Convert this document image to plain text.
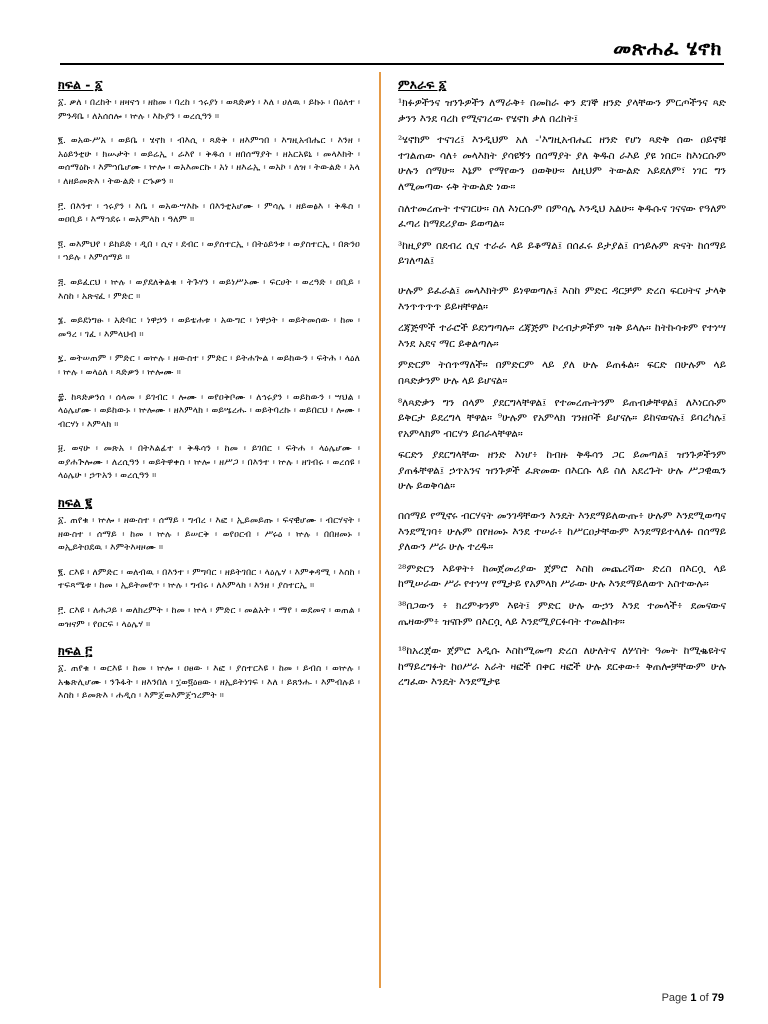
መጽሐፈ ሄኖክ
ክፍል - ፩
፩. ቃለ ፡ በረከት ፡ ዘዛናኅ ፡ ዘከመ ፡ ባረከ ፡ ኅሩያነ ፡ ወጻድቃነ ፡ እለ ፡ ሀለዉ ፡ ይኩኑ ፡ በዕለተ ፡ ምንዳቤ ፡ ለአሰስሎ ፡ ኵሉ ፡ እኩያን ፡ ወረሲዓን ።
፪. ወአውሥአ ፡ ወይቤ ፡ ሄኖክ ፡ ብእሲ ፡ ጻድቅ ፡ ዘእምኀበ ፡ እግዚአብሔር ፡ እንዘ ፡ አዕይንቲሁ ፡ ክሡታት ፡ ወይሬኢ ፡ ራእየ ፡ ቅዱሰ ፡ ዘበሰማያት ፡ ዘአርአዩኒ ፡ መላእክት ፡ ወሰማዕኩ ፡ እምኀቤሆሙ ፡ ኵሎ ፡ ወአእመርኩ ፡ አነ ፡ ዘእሬኢ ፡ ወአኮ ፡ ለዝ ፡ ትውልድ ፡ አላ ፡ ለዘይመጽእ ፡ ትውልድ ፡ ርኁቃን ።
፫. በእንተ ፡ ኅሩያን ፡ እቤ ፡ ወአውሣእኩ ፡ በእንቲአሆሙ ፡ ምሳሌ ፡ ዘይወፅእ ፡ ቅዱስ ፡ ወዐቢይ ፡ እማኅደሩ ፡ ወአምላከ ፡ ዓለም ።
፬. ወእምህየ ፡ ይከይድ ፡ ዲበ ፡ ሲና ፡ ደብር ፡ ወያስተርኢ ፡ በትዕይንቱ ፡ ወያስተርኢ ፡ በጽንዐ ፡ ኀይሉ ፡ እምሰማይ ።
፭. ወይፈርህ ፡ ኵሉ ፡ ወያደለቅልቁ ፡ ትጉሃን ፡ ወይነሥኦሙ ፡ ፍርሀት ፡ ወረዓድ ፡ ዐቢይ ፡ እስከ ፡ አጽናፈ ፡ ምድር ።
፮. ወይደነግፁ ፡ አድባር ፡ ነዋኃን ፡ ወይቴሐቱ ፡ አውግር ፡ ነዋኃት ፡ ወይትመሰው ፡ ከመ ፡ መዓረ ፡ ገፈ ፡ እምላህብ ።
፯. ወትሠጠም ፡ ምድር ፡ ወኵሉ ፡ ዘውስተ ፡ ምድር ፡ ይትሐጐል ፡ ወይከውን ፡ ፍትሕ ፡ ላዕለ ፡ ኵሉ ፡ ወላዕለ ፡ ጻድቃን ፡ ኵሎሙ ።
፰. ከጻድቃንሰ ፡ ሰላመ ፡ ይገብር ፡ ሎሙ ፡ ወየዐቅቦሙ ፡ ለኅሩያን ፡ ወይከውን ፡ ሣህል ፡ ላዕሌሆሙ ፡ ወይከውኑ ፡ ኵሎሙ ፡ ዘእምላክ ፡ ወይሤረሑ ፡ ወይትባረኩ ፡ ወይበርህ ፡ ሎሙ ፡ ብርሃነ ፡ እምላክ ።
፱. ወናሁ ፡ መጽአ ፡ በትእልፊተ ፡ ቅዱሳን ፡ ከመ ፡ ይገበር ፡ ፍትሐ ፡ ላዕሌሆሙ ፡ ወያሐጕሎሙ ፡ ለረሲዓን ፡ ወይትዋቀስ ፡ ኵሎ ፡ ዘሥጋ ፡ በእንተ ፡ ኵሉ ፡ ዘገብሩ ፡ ወረሰዩ ፡ ላዕሌሁ ፡ ኃጥአን ፡ ወረሲዓን ።
ክፍል ፪
፩. ጠየቁ ፡ ኵሎ ፡ ዘውስተ ፡ ሰማይ ፡ ግብረ ፡ እፎ ፡ ኢይመይጡ ፡ ፍናዊሆሙ ፡ ብርሃናት ፡ ዘውስተ ፡ ሰማይ ፡ ከመ ፡ ኵሉ ፡ ይሠርቅ ፡ ወየዐርብ ፡ ሥሩዕ ፡ ኵሉ ፡ በበዘመኑ ፡ ወኢይትዐደዉ ፡ እምትእዛዞሙ ።
፪. ርእዩ ፡ ለምድር ፡ ወለብዉ ፡ በእንተ ፡ ምግባር ፡ ዘይትገበር ፡ ላዕሌሃ ፡ እምቀዳሚ ፡ እስከ ፡ ተፍጻሜቱ ፡ ከመ ፡ ኢይትመየጥ ፡ ኵሉ ፡ ግብሩ ፡ ለእምላክ ፡ እንዘ ፡ ያስተርኢ ።
፫. ርእዩ ፡ ለሐጋይ ፡ ወለክረምት ፡ ከመ ፡ ኵላ ፡ ምድር ፡ መልአት ፡ ማየ ፡ ወደመና ፡ ወጠል ፡ ወዝናም ፡ የዐርፍ ፡ ላዕሌሃ ።
ክፍል ፫
፩. ጠየቁ ፡ ወርእዩ ፡ ከመ ፡ ኵሎ ፡ ዐፀው ፡ እፎ ፡ ያስተርእዩ ፡ ከመ ፡ ይብስ ፡ ወኵሉ ፡ አቈጽሊሆሙ ፡ ንጉፋት ፡ ዘእንበለ ፡ ፲ወ፬ዕፀው ፡ ዘኢይትነገፍ ፡ እለ ፡ ይጸንሑ ፡ እምብሉይ ፡ እስከ ፡ ይመጽእ ፡ ሐዲስ ፡ እምጀወእምጀኀረምት ።
ምእራፍ ፩
¹ክፉዎችንና ዝንጉዎችን ለማራቅ፥ በመከራ ቀን ደገኞ ዘንድ ያላቸውን ምርጦችንና ጻድ ቃንን እንደ ባረከ የሚናገረው የሄኖክ ቃለ በረከት፤
²ሄኖክም ተናገረ፤ እንዲህም አለ -'እግዚአብሔር ዘንድ የሆነ ጻድቅ ሰው ዐይኖቹ ተገልጠው ሳለ፥ መላእክት ያሳዩኝን በሰማያት ያለ ቅዱስ ራእይ ያዩ ነበር። ከእነርሱም ሁሉን ሰማሁ። እኔም የማየውን ዐወቅሁ። ለዚህም ትውልድ አይደለም፣ ነገር ግን ለሚመጣው ሩቅ ትውልድ ነው።
ስለተመረጡት ተናገርሁ። ስለ እነርሱም በምሳሌ እንዲህ አልሁ። ቅዱሱና ገናናው የዓለም ፈጣሪ ከማደሪያው ይወጣል።
³ከዚያም በደብረ ሲና ተራራ ላይ ይቆማል፤ በሰፈሩ ይታያል፤ በኀይሉም ጽናት ከሰማይ ይገለጣል፤
ሁሉም ይፈራል፤ መላእክትም ይነዋወጣሉ፤ እስከ ምድር ዳርቻም ድረስ ፍርሀትና ታላቅ እንጥጥጥጥ ይይዛቸዋል።
ረጃጅሞች ተራሮች ይደነግጣሉ። ረጃጅም ኮረብታዎችም ዝቅ ይላሉ። ከትኩሳቱም የተነሣ እንደ አደና ማር ይቀልጣሉ።
ምድርም ትሰጥማለች። በምድርም ላይ ያለ ሁሉ ይጠፋል። ፍርድ በሁሉም ላይ በጻድቃንም ሁሉ ላይ ይሆናል።
⁸ለጻድቃን ግን ሰላም ያደርግላቸዋል፤ የተመረጡትንም ይጠብቃቸዋል፤ ለእነርሱም ይቅርታ ይደረግላ ቸዋል። ⁹ሁሉም የአምላክ ገንዘቦች ይሆናሉ። ይከናወናሉ፤ ይባረካሉ፤ የአምላክም ብርሃን ይበራላቸዋል።
ፍርድን ያደርግላቸው ዘንድ እነሆ፥ ከብዙ ቅዱሳን ጋር ይመጣል፤ ዝንጉዎችንም ያጠፋቸዋል፤ ኃጥአንና ዝንጉዎች ፈጽመው በእርሱ ላይ ስለ አደረጉት ሁሉ ሥጋዊዉን ሁሉ ይወቅሳል።
በሰማይ የሚኖሩ ብርሃናት መንገዳቸውን እንዴት እንደማይለውጡ፥ ሁሉም እንደሚወጣና እንደሚገባ፥ ሁሉም በየዘመኑ እንደ ተሠራ፥ ከሥርዐታቸውም እንደማይተላለፉ በሰማይ ያለውን ሥራ ሁሉ ተረዱ።
²⁸ምድርን እይዋት፥ ከመጀመሪያው ጀምሮ እስከ መጨረሻው ድረስ በእርሷ ላይ ከሚሠራው ሥራ የተነሣ የሚታይ የአምላክ ሥራው ሁሉ እንደማይለወጥ አስተውሉ።
³⁸በጋውን ፥ ክረምቱንም እዩት፤ ምድር ሁሉ ውኃን እንደ ተመላች፥ ደመናውና ጤዛውም፥ ዝናቡም በእርሷ ላይ እንደሚያርፉባት ተመልከቱ።
¹⁸ከአረጀው ጀምሮ አዲሱ እስከሚመጣ ድረስ ለሁለትና ለሦስት ዓመት ከሚቈዩትና ከማይረግፉት ከዐሥራ አራት ዛፎች በቀር ዛፎች ሁሉ ደርቀው፥ ቅጠሎቻቸውም ሁሉ ረግፈው እንዴት እንደሚታዩ
Page 1 of 79
